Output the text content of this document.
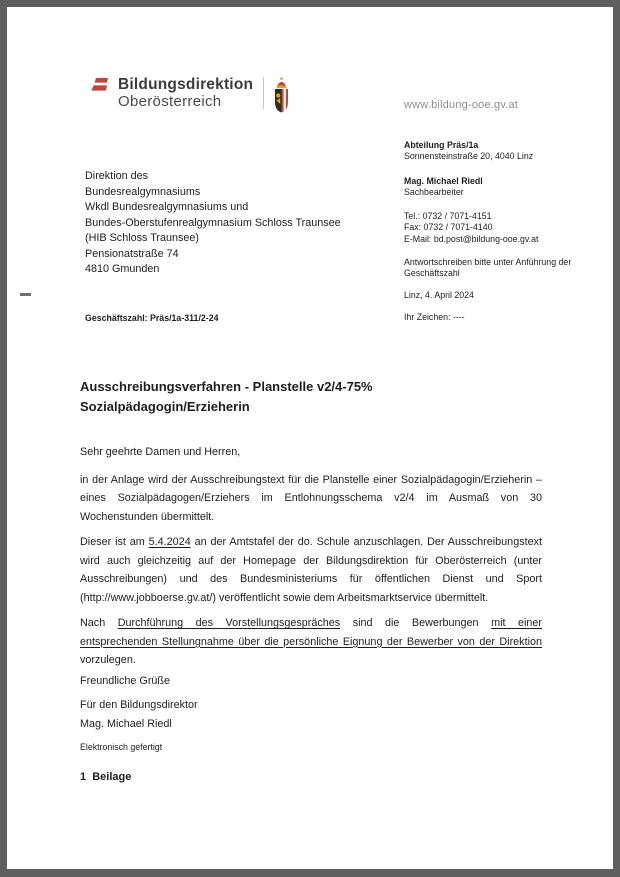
Bildungsdirektion
Oberösterreich	www.bildung-ooe.gv.at
Direktion des
Bundesrealgymnasiums
Wkdl Bundesrealgymnasiums und
Bundes-Oberstufenrealgymnasium Schloss Traunsee
(HIB Schloss Traunsee)
Pensionatstraße 74
4810 Gmunden
Abteilung Präs/1a
Sonnensteinstraße 20, 4040 Linz
Mag. Michael Riedl
Sachbearbeiter
Tel.: 0732 / 7071-4151
Fax: 0732 / 7071-4140
E-Mail: bd.post@bildung-ooe.gv.at
Antwortschreiben bitte unter Anführung der
Geschäftszahl
Linz, 4. April 2024
Ihr Zeichen: ----
Geschäftszahl: Präs/1a-311/2-24
Ausschreibungsverfahren - Planstelle v2/4-75%
Sozialpädagogin/Erzieherin

Sehr geehrte Damen und Herren,

in der Anlage wird der Ausschreibungstext für die Planstelle einer Sozialpädagogin/Erzieherin – eines Sozialpädagogen/Erziehers im Entlohnungsschema v2/4 im Ausmaß von 30 Wochenstunden übermittelt.

Dieser ist am 5.4.2024 an der Amtstafel der do. Schule anzuschlagen. Der Ausschreibungstext wird auch gleichzeitig auf der Homepage der Bildungsdirektion für Oberösterreich (unter Ausschreibungen) und des Bundesministeriums für öffentlichen Dienst und Sport (http://www.jobboerse.gv.at/) veröffentlicht sowie dem Arbeitsmarktservice übermittelt.

Nach Durchführung des Vorstellungsgespräches sind die Bewerbungen mit einer entsprechenden Stellungnahme über die persönliche Eignung der Bewerber von der Direktion vorzulegen.

Freundliche Grüße

Für den Bildungsdirektor
Mag. Michael Riedl

Elektronisch gefertigt

1  Beilage
